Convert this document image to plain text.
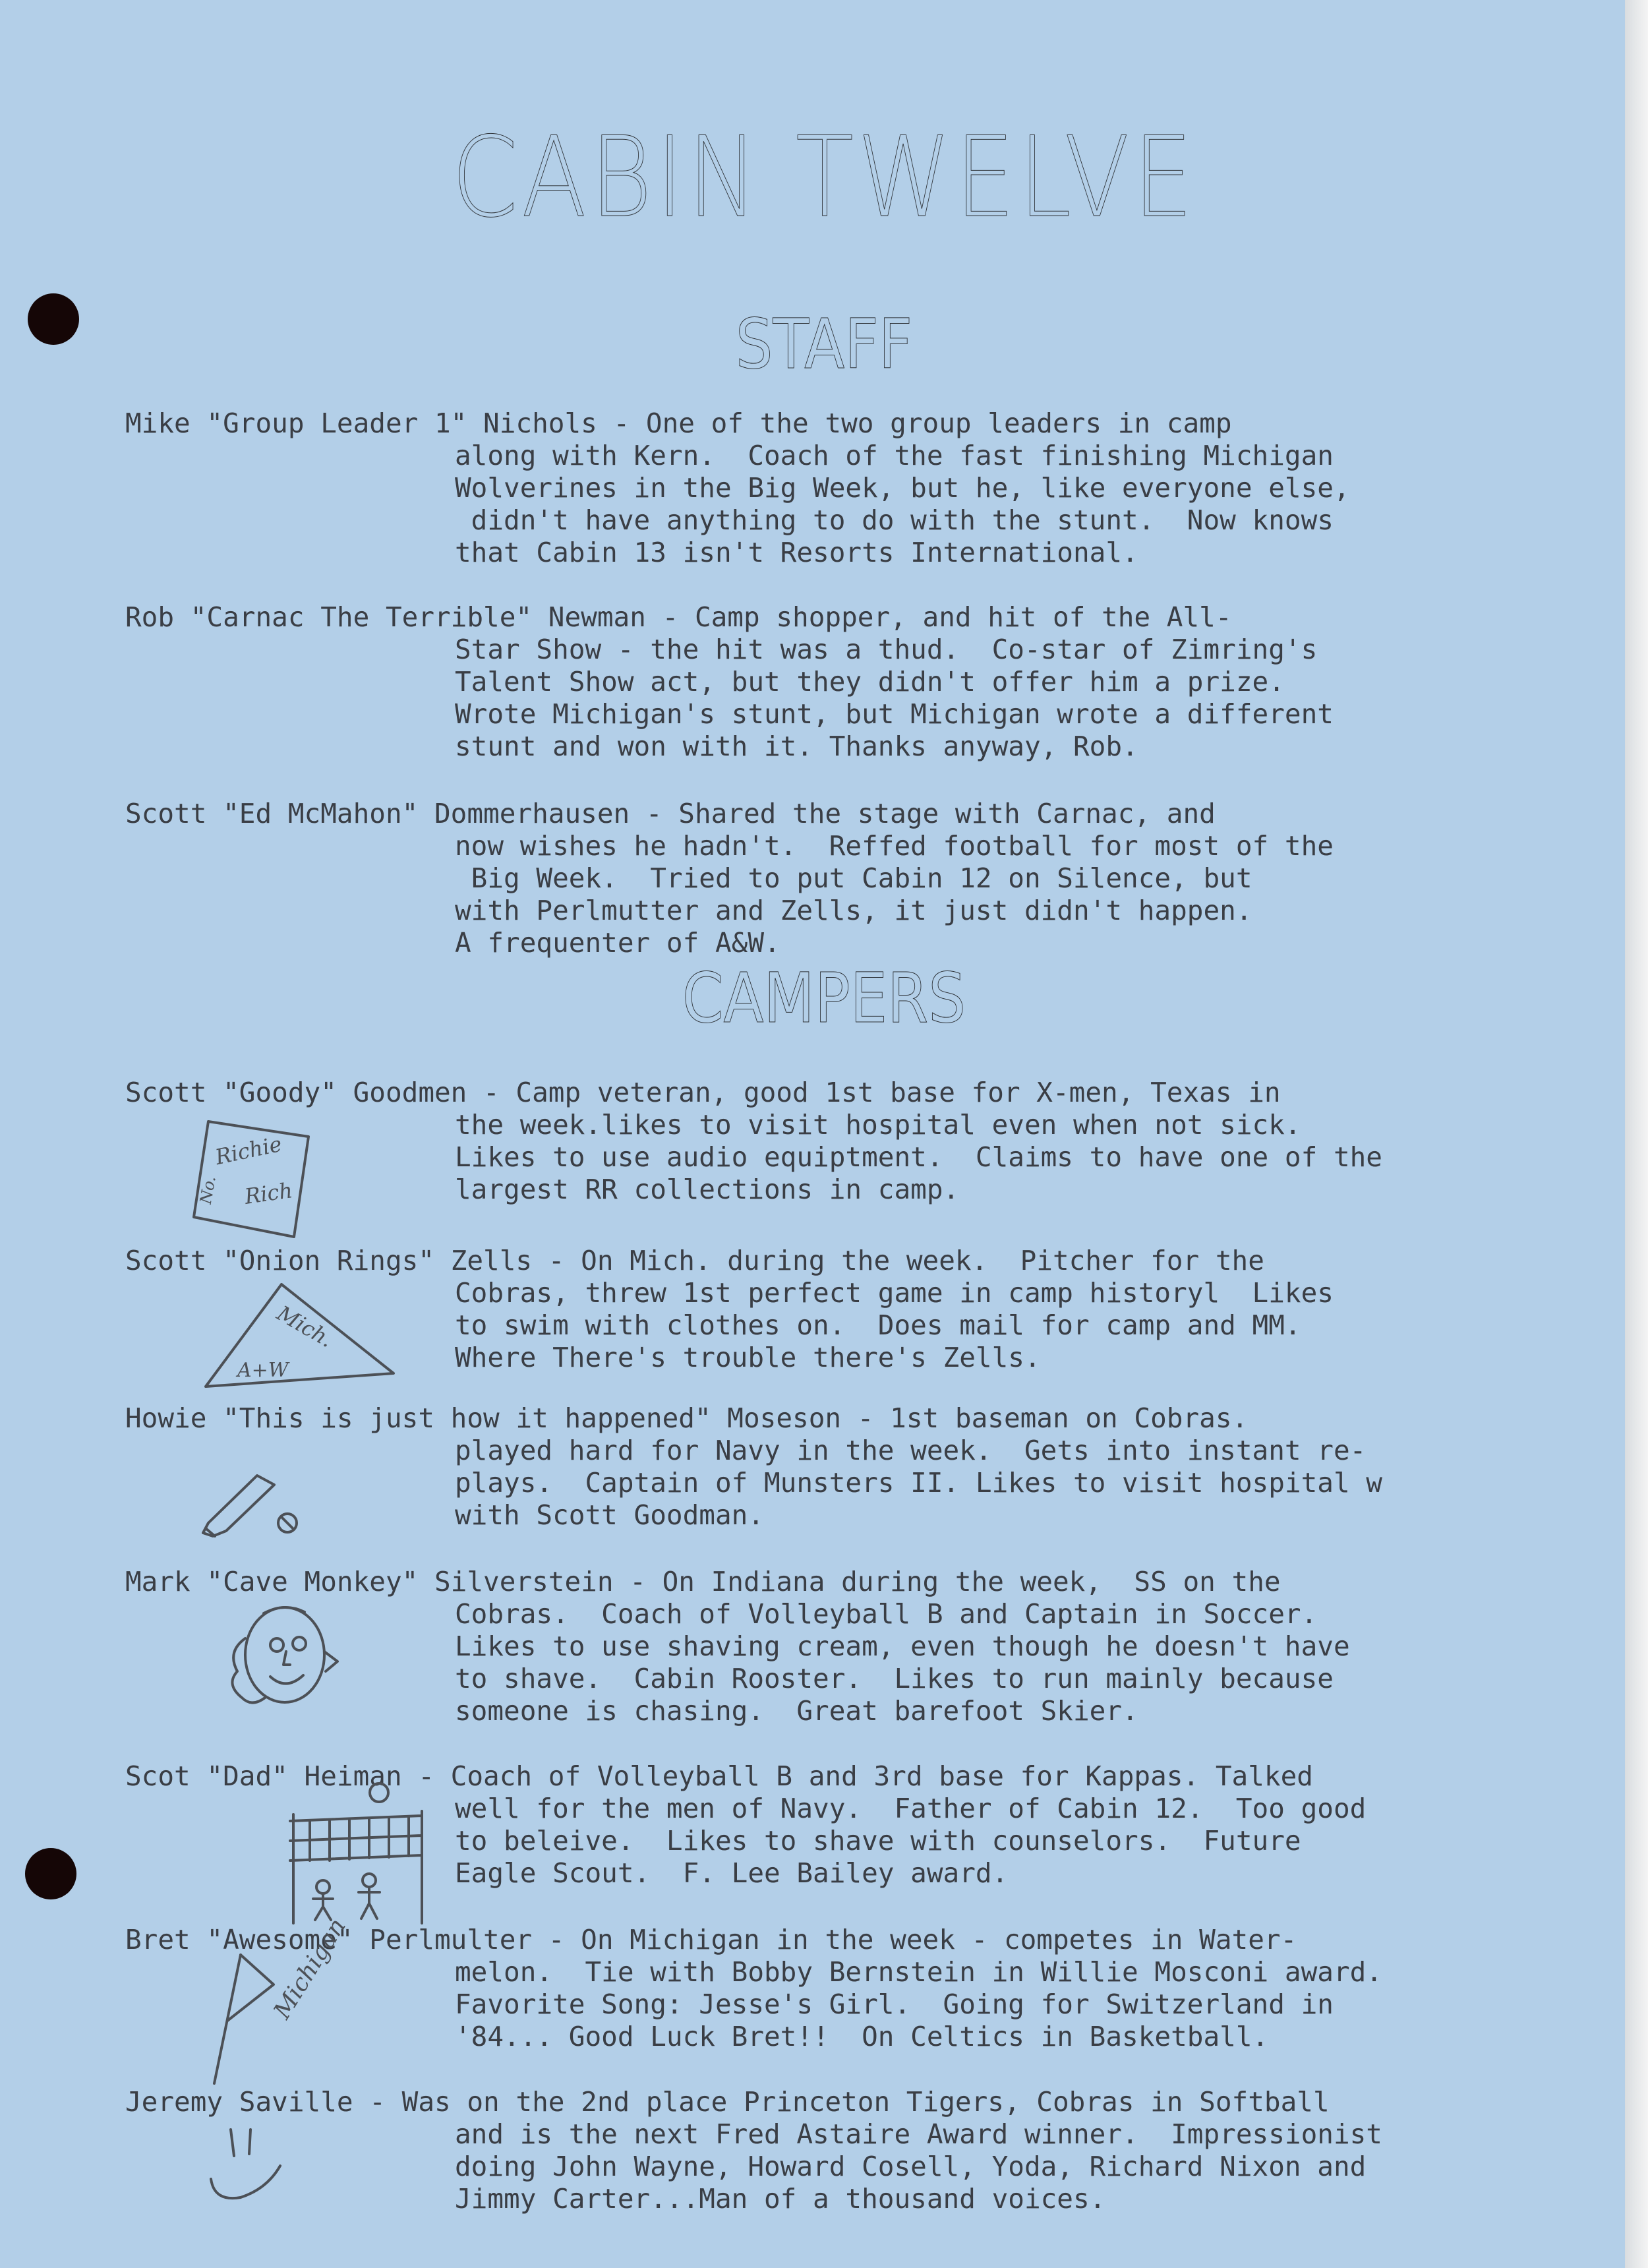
CABIN TWELVE
STAFF
CAMPERS
Mike "Group Leader 1" Nichols - One of the two group leaders in camp
along with Kern.  Coach of the fast finishing Michigan
Wolverines in the Big Week, but he, like everyone else,
didn't have anything to do with the stunt.  Now knows
that Cabin 13 isn't Resorts International.
Rob "Carnac The Terrible" Newman - Camp shopper, and hit of the All-
Star Show - the hit was a thud.  Co-star of Zimring's
Talent Show act, but they didn't offer him a prize.
Wrote Michigan's stunt, but Michigan wrote a different
stunt and won with it. Thanks anyway, Rob.
Scott "Ed McMahon" Dommerhausen - Shared the stage with Carnac, and
now wishes he hadn't.  Reffed football for most of the
Big Week.  Tried to put Cabin 12 on Silence, but
with Perlmutter and Zells, it just didn't happen.
A frequenter of A&W.
Scott "Goody" Goodmen - Camp veteran, good 1st base for X-men, Texas in
the week.likes to visit hospital even when not sick.
Likes to use audio equiptment.  Claims to have one of the
largest RR collections in camp.
Scott "Onion Rings" Zells - On Mich. during the week.  Pitcher for the
Cobras, threw 1st perfect game in camp historyl  Likes
to swim with clothes on.  Does mail for camp and MM.
Where There's trouble there's Zells.
Howie "This is just how it happened" Moseson - 1st baseman on Cobras.
played hard for Navy in the week.  Gets into instant re-
plays.  Captain of Munsters II. Likes to visit hospital w
with Scott Goodman.
Mark "Cave Monkey" Silverstein - On Indiana during the week,  SS on the
Cobras.  Coach of Volleyball B and Captain in Soccer.
Likes to use shaving cream, even though he doesn't have
to shave.  Cabin Rooster.  Likes to run mainly because
someone is chasing.  Great barefoot Skier.
Scot "Dad" Heiman - Coach of Volleyball B and 3rd base for Kappas. Talked
well for the men of Navy.  Father of Cabin 12.  Too good
to beleive.  Likes to shave with counselors.  Future
Eagle Scout.  F. Lee Bailey award.
Bret "Awesome" Perlmulter - On Michigan in the week - competes in Water-
melon.  Tie with Bobby Bernstein in Willie Mosconi award.
Favorite Song: Jesse's Girl.  Going for Switzerland in
'84... Good Luck Bret!!  On Celtics in Basketball.
Jeremy Saville - Was on the 2nd place Princeton Tigers, Cobras in Softball
and is the next Fred Astaire Award winner.  Impressionist
doing John Wayne, Howard Cosell, Yoda, Richard Nixon and
Jimmy Carter...Man of a thousand voices.
Richie
Rich
No.
Mich.
A+W
Michigan
